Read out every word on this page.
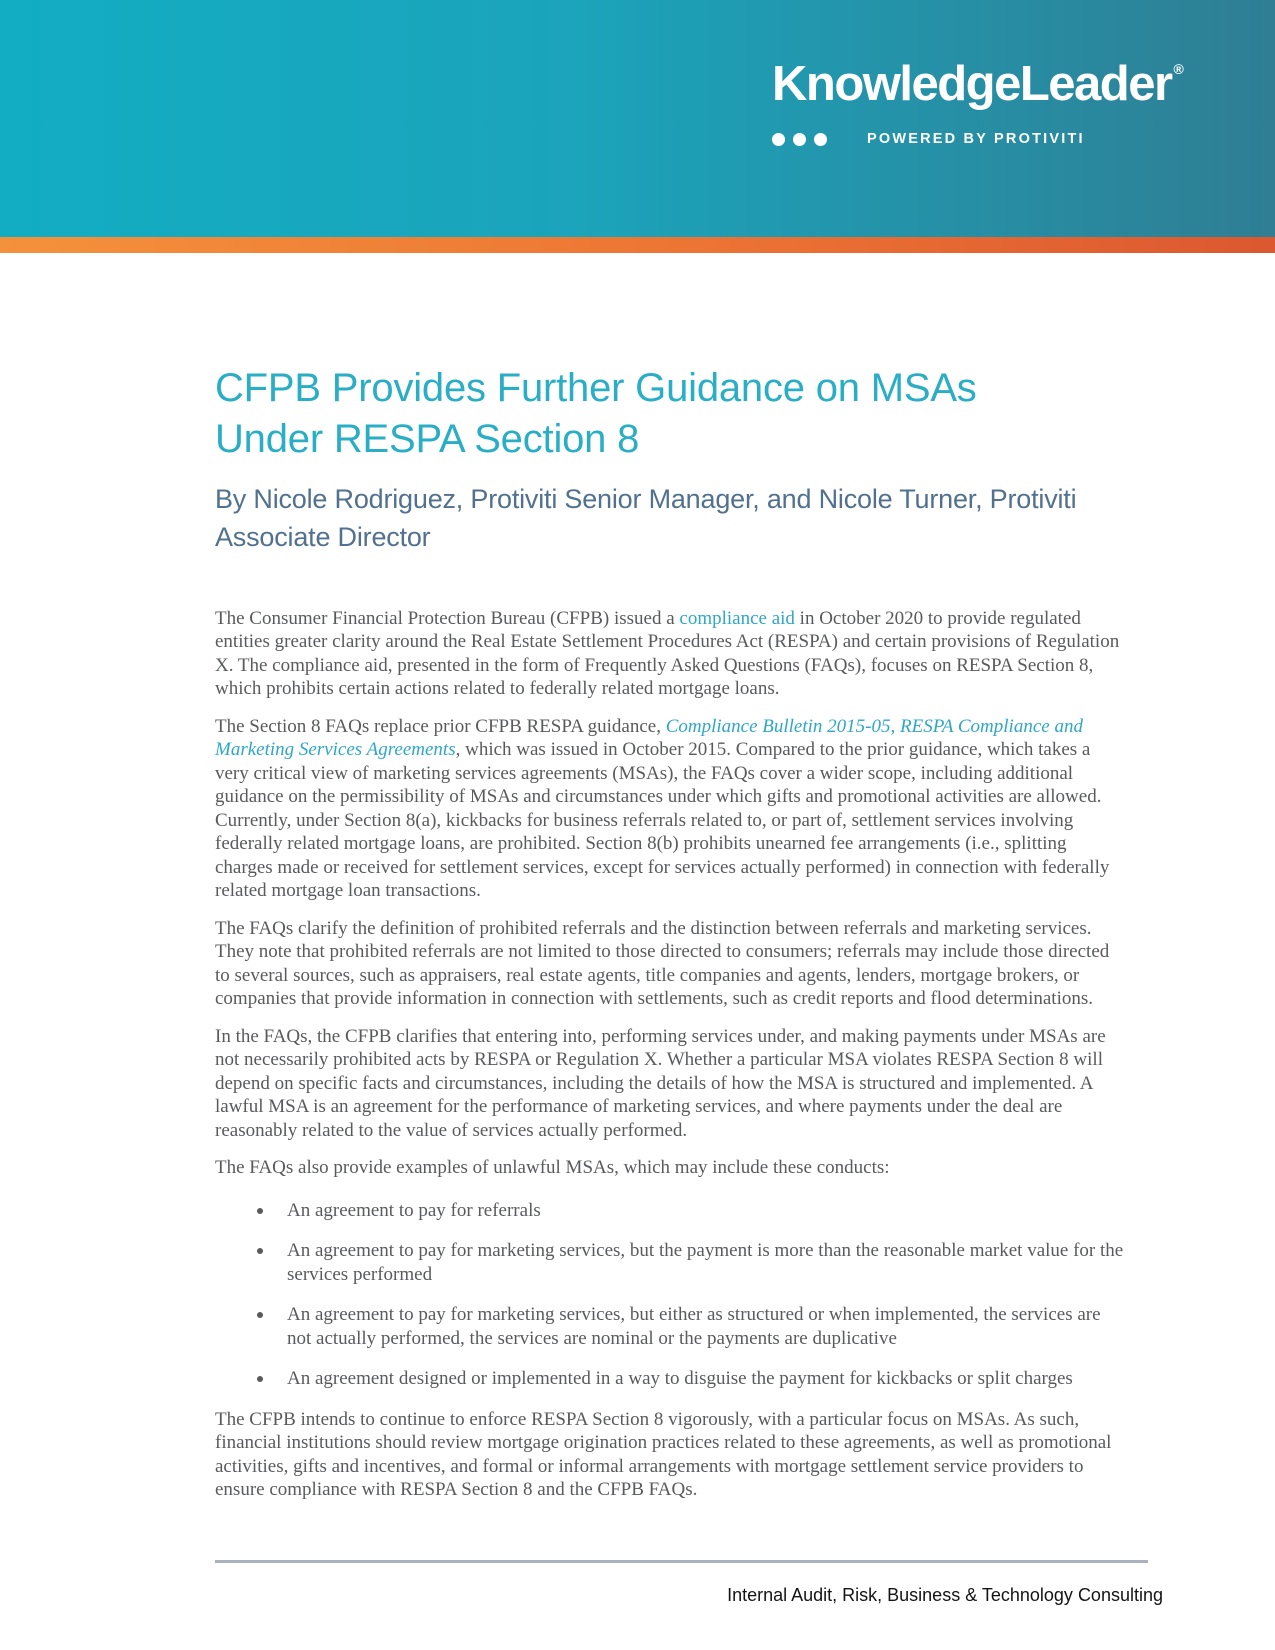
KnowledgeLeader ®
POWERED BY PROTIVITI
CFPB Provides Further Guidance on MSAs
Under RESPA Section 8
By Nicole Rodriguez, Protiviti Senior Manager, and Nicole Turner, Protiviti
Associate Director

The Consumer Financial Protection Bureau (CFPB) issued a compliance aid in October 2020 to provide regulated entities greater clarity around the Real Estate Settlement Procedures Act (RESPA) and certain provisions of Regulation X. The compliance aid, presented in the form of Frequently Asked Questions (FAQs), focuses on RESPA Section 8, which prohibits certain actions related to federally related mortgage loans.

The Section 8 FAQs replace prior CFPB RESPA guidance, Compliance Bulletin 2015-05, RESPA Compliance and Marketing Services Agreements, which was issued in October 2015. Compared to the prior guidance, which takes a very critical view of marketing services agreements (MSAs), the FAQs cover a wider scope, including additional guidance on the permissibility of MSAs and circumstances under which gifts and promotional activities are allowed. Currently, under Section 8(a), kickbacks for business referrals related to, or part of, settlement services involving federally related mortgage loans, are prohibited. Section 8(b) prohibits unearned fee arrangements (i.e., splitting charges made or received for settlement services, except for services actually performed) in connection with federally related mortgage loan transactions.

The FAQs clarify the definition of prohibited referrals and the distinction between referrals and marketing services. They note that prohibited referrals are not limited to those directed to consumers; referrals may include those directed to several sources, such as appraisers, real estate agents, title companies and agents, lenders, mortgage brokers, or companies that provide information in connection with settlements, such as credit reports and flood determinations.

In the FAQs, the CFPB clarifies that entering into, performing services under, and making payments under MSAs are not necessarily prohibited acts by RESPA or Regulation X. Whether a particular MSA violates RESPA Section 8 will depend on specific facts and circumstances, including the details of how the MSA is structured and implemented. A lawful MSA is an agreement for the performance of marketing services, and where payments under the deal are reasonably related to the value of services actually performed.

The FAQs also provide examples of unlawful MSAs, which may include these conducts:

An agreement to pay for referrals
An agreement to pay for marketing services, but the payment is more than the reasonable market value for the services performed
An agreement to pay for marketing services, but either as structured or when implemented, the services are not actually performed, the services are nominal or the payments are duplicative
An agreement designed or implemented in a way to disguise the payment for kickbacks or split charges

The CFPB intends to continue to enforce RESPA Section 8 vigorously, with a particular focus on MSAs. As such, financial institutions should review mortgage origination practices related to these agreements, as well as promotional activities, gifts and incentives, and formal or informal arrangements with mortgage settlement service providers to ensure compliance with RESPA Section 8 and the CFPB FAQs.

Internal Audit, Risk, Business & Technology Consulting
